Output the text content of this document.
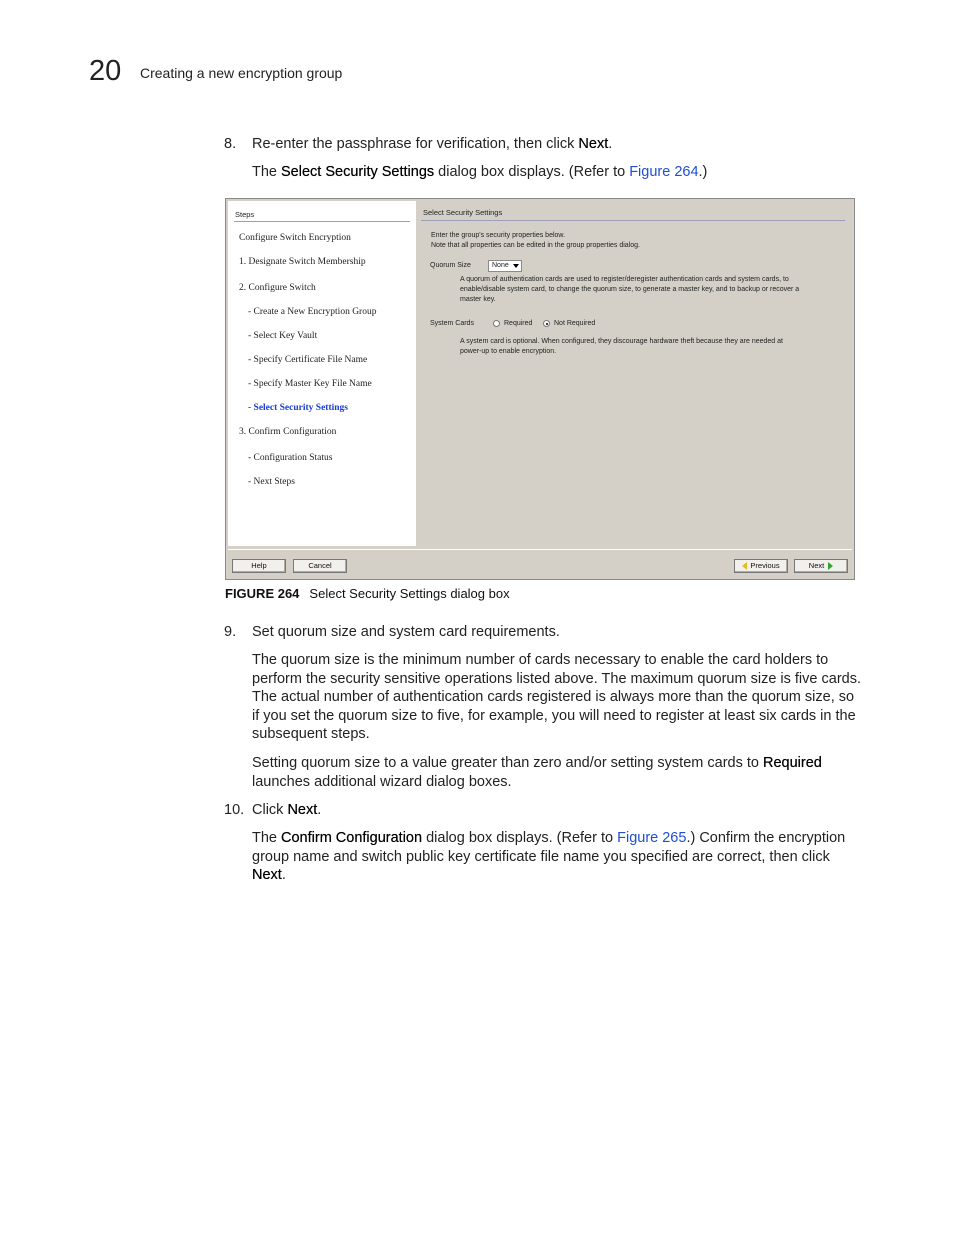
20 Creating a new encryption group
8. Re-enter the passphrase for verification, then click Next.
The Select Security Settings dialog box displays. (Refer to Figure 264.)
Steps
Configure Switch Encryption
1. Designate Switch Membership
2. Configure Switch
- Create a New Encryption Group
- Select Key Vault
- Specify Certificate File Name
- Specify Master Key File Name
- Select Security Settings
3. Confirm Configuration
- Configuration Status
- Next Steps
Select Security Settings
Enter the group's security properties below.
Note that all properties can be edited in the group properties dialog.
Quorum Size	None
A quorum of authentication cards are used to register/deregister authentication cards and system cards, to
enable/disable system card, to change the quorum size, to generate a master key, and to backup or recover a
master key.
System Cards	Required	Not Required
A system card is optional. When configured, they discourage hardware theft because they are needed at
power-up to enable encryption.
Help	Cancel	Previous	Next
FIGURE 264 Select Security Settings dialog box
9. Set quorum size and system card requirements.
The quorum size is the minimum number of cards necessary to enable the card holders to
perform the security sensitive operations listed above. The maximum quorum size is five cards.
The actual number of authentication cards registered is always more than the quorum size, so
if you set the quorum size to five, for example, you will need to register at least six cards in the
subsequent steps.
Setting quorum size to a value greater than zero and/or setting system cards to Required
launches additional wizard dialog boxes.
10. Click Next.
The Confirm Configuration dialog box displays. (Refer to Figure 265.) Confirm the encryption
group name and switch public key certificate file name you specified are correct, then click
Next.
